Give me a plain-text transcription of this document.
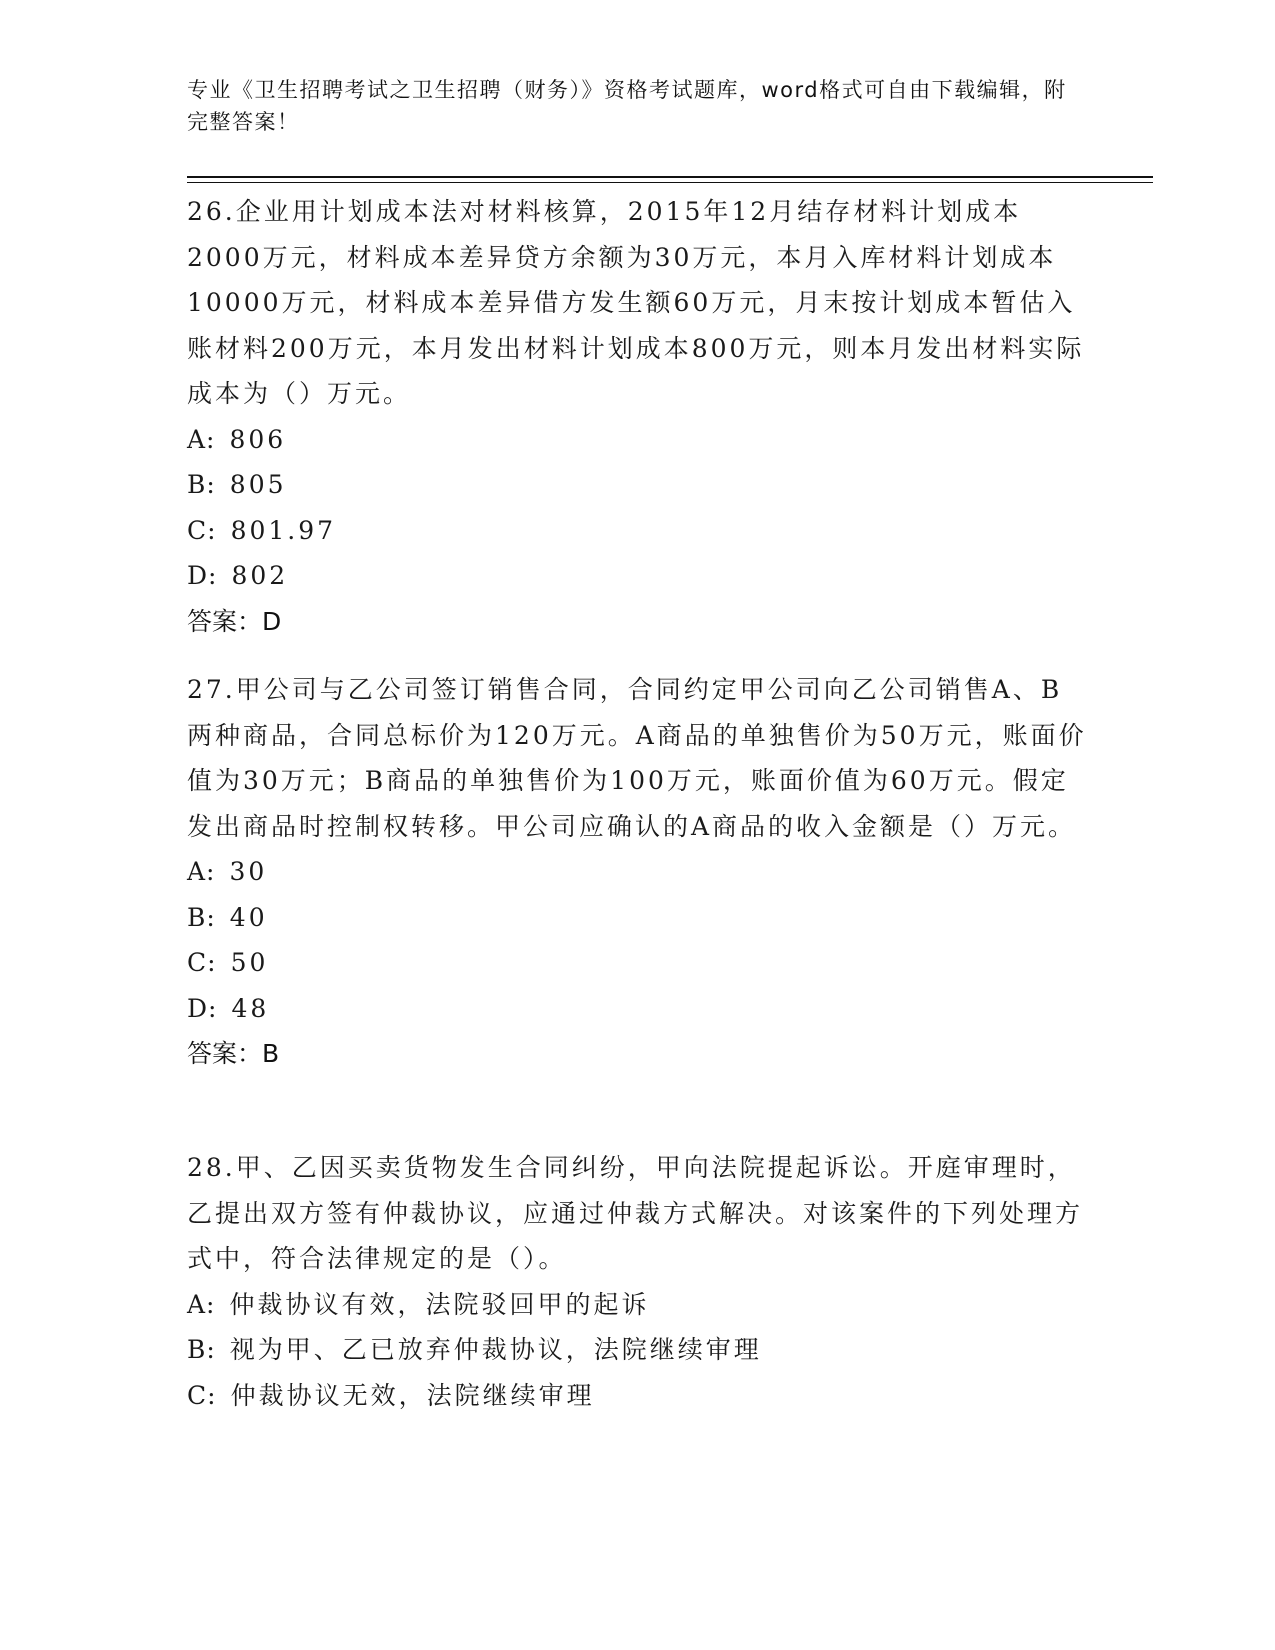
专业《卫生招聘考试之卫生招聘（财务）》资格考试题库，word格式可自由下载编辑，附完整答案！
26.企业用计划成本法对材料核算，2015年12月结存材料计划成本2000万元，材料成本差异贷方余额为30万元，本月入库材料计划成本10000万元，材料成本差异借方发生额60万元，月末按计划成本暂估入账材料200万元，本月发出材料计划成本800万元，则本月发出材料实际成本为（）万元。
A: 806
B: 805
C: 801.97
D: 802
答案：D
27.甲公司与乙公司签订销售合同，合同约定甲公司向乙公司销售A、B两种商品，合同总标价为120万元。A商品的单独售价为50万元，账面价值为30万元；B商品的单独售价为100万元，账面价值为60万元。假定发出商品时控制权转移。甲公司应确认的A商品的收入金额是（）万元。
A: 30
B: 40
C: 50
D: 48
答案：B
28.甲、乙因买卖货物发生合同纠纷，甲向法院提起诉讼。开庭审理时，乙提出双方签有仲裁协议，应通过仲裁方式解决。对该案件的下列处理方式中，符合法律规定的是（）。
A: 仲裁协议有效，法院驳回甲的起诉
B: 视为甲、乙已放弃仲裁协议，法院继续审理
C: 仲裁协议无效，法院继续审理
